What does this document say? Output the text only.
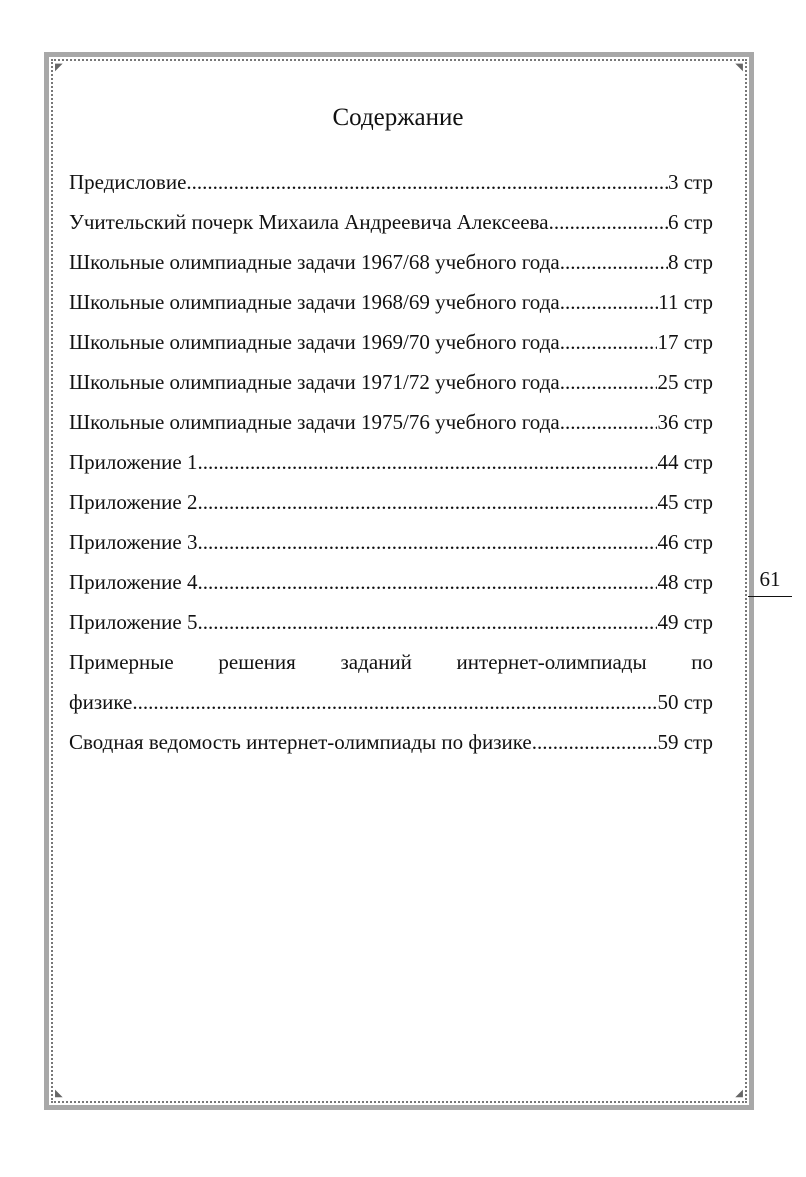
◤	◥
◣	◢
Содержание
Предисловие .....	3 стр
Учительский почерк Михаила Андреевича Алексеева .....	6 стр
Школьные олимпиадные задачи 1967/68 учебного года .....	8 стр
Школьные олимпиадные задачи 1968/69 учебного года .....	11 стр
Школьные олимпиадные задачи 1969/70 учебного года .....	17 стр
Школьные олимпиадные задачи 1971/72 учебного года .....	25 стр
Школьные олимпиадные задачи 1975/76 учебного года .....	36 стр
Приложение 1 .....	44 стр
Приложение 2 .....	45 стр
Приложение 3 .....	46 стр
Приложение 4 .....	48 стр
Приложение 5 .....	49 стр
Примерные решения заданий интернет-олимпиады по
физике .....	50 стр
Сводная ведомость интернет-олимпиады по физике .....	59 стр
61
